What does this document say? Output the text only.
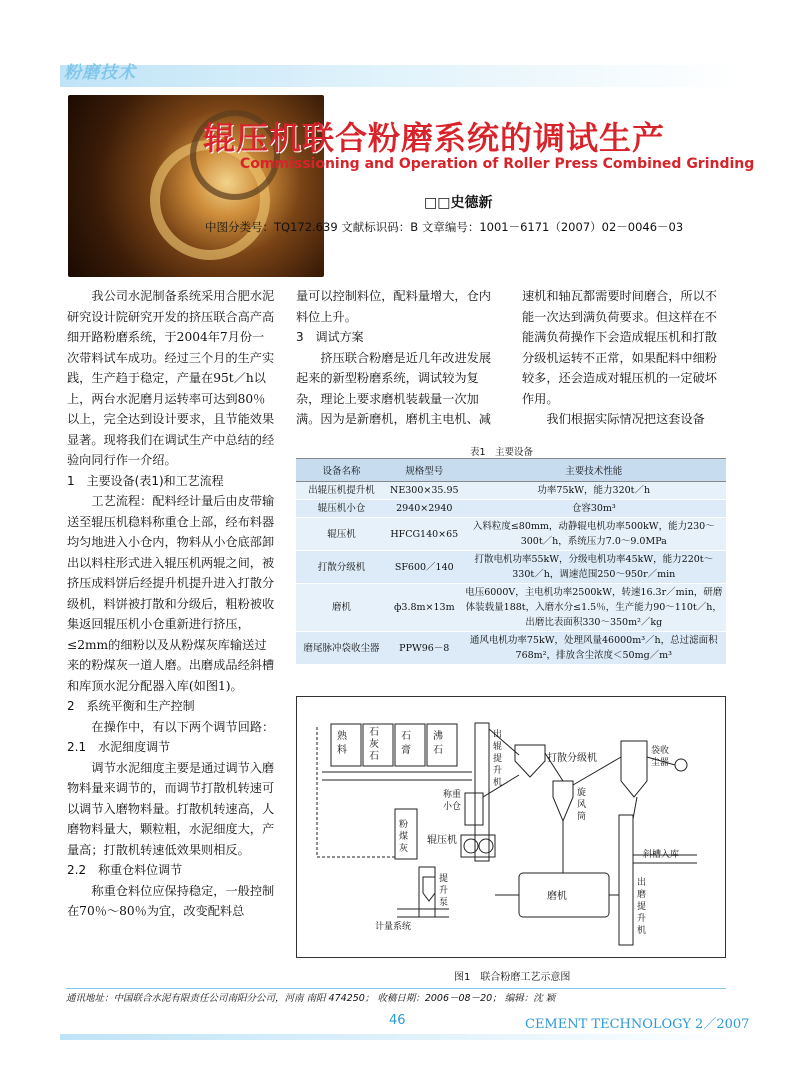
粉磨技术
辊压机联合粉磨系统的调试生产
Commissioning and Operation of Roller Press Combined Grinding
□□史德新
中图分类号：TQ172.639 文献标识码：B 文章编号：1001－6171（2007）02－0046－03

我公司水泥制备系统采用合肥水泥研究设计院研究开发的挤压联合高产高细开路粉磨系统，于2004年7月份一次带料试车成功。经过三个月的生产实践，生产趋于稳定，产量在95t／h以上，两台水泥磨月运转率可达到80％以上，完全达到设计要求，且节能效果显著。现将我们在调试生产中总结的经验向同行作一介绍。

1　主要设备(表1)和工艺流程

工艺流程：配料经计量后由皮带输送至辊压机稳料称重仓上部，经布料器均匀地进入小仓内，物料从小仓底部卸出以料柱形式进入辊压机两辊之间，被挤压成料饼后经提升机提升进入打散分级机，料饼被打散和分级后，粗粉被收集返回辊压机小仓重新进行挤压，≤2mm的细粉以及从粉煤灰库输送过来的粉煤灰一道人磨。出磨成品经斜槽和库顶水泥分配器入库(如图1)。

2　系统平衡和生产控制

在操作中，有以下两个调节回路：

2.1　水泥细度调节

调节水泥细度主要是通过调节入磨物料量来调节的，而调节打散机转速可以调节入磨物料量。打散机转速高，人磨物料量大，颗粒粗，水泥细度大，产量高；打散机转速低效果则相反。

2.2　称重仓料位调节

称重仓料位应保持稳定，一般控制在70％～80％为宜，改变配料总

量可以控制料位，配料量增大，仓内料位上升。

3　调试方案

挤压联合粉磨是近几年改进发展起来的新型粉磨系统，调试较为复杂，理论上要求磨机装载量一次加满。因为是新磨机，磨机主电机、减

速机和轴瓦都需要时间磨合，所以不能一次达到满负荷要求。但这样在不能满负荷操作下会造成辊压机和打散分级机运转不正常，如果配料中细粉较多，还会造成对辊压机的一定破坏作用。

我们根据实际情况把这套设备

表1　主要设备
设备名称	规格型号	主要技术性能
出辊压机提升机	NE300×35.95	功率75kW，能力320t／h
辊压机小仓	2940×2940	仓容30m³
辊压机	HFCG140×65	入料粒度≤80mm，动静辊电机功率500kW，能力230～300t／h，系统压力7.0～9.0MPa
打散分级机	SF600／140	打散电机功率55kW，分级电机功率45kW，能力220t～330t／h，调速范围250～950r／min
磨机	ф3.8m×13m	电压6000V，主电机功率2500kW，转速16.3r／min，研磨体装载量188t，入磨水分≤1.5％，生产能力90～110t／h，出磨比表面积330～350m²／kg
磨尾脉冲袋收尘器	PPW96－8	通风电机功率75kW，处理风量46000m³／h，总过滤面积768m²，排放含尘浓度＜50mg／m³
熟
料
石
灰
石
石
膏
沸
石
出
辊
提
升
机
打散分级机
称重
小仓
旋
风
筒
袋收
尘器
粉
煤
灰
辊压机
磨机
斜槽入库
出
磨
提
升
机
提
升
泵
计量系统
图1　联合粉磨工艺示意图
通讯地址：中国联合水泥有限责任公司南阳分公司，河南 南阳 474250； 收稿日期：2006－08－20； 编辑：沈 颖
46	CEMENT TECHNOLOGY 2／2007
